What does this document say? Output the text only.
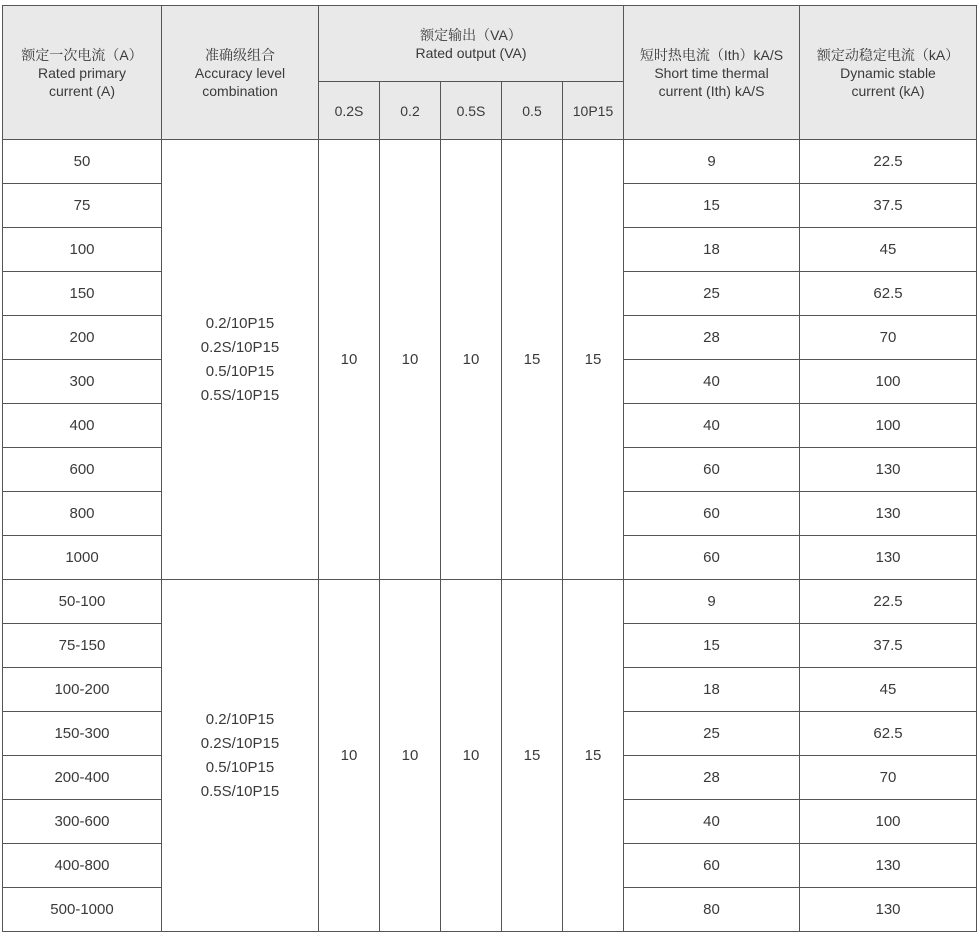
额定一次电流（A）
Rated primary
current (A)	准确级组合
Accuracy level
combination	额定输出（VA）
Rated output (VA)					短时热电流（Ith）kA/S
Short time thermal
current (Ith) kA/S	额定动稳定电流（kA）
Dynamic stable
current (kA)

		0.2S	0.2	0.5S	0.5	10P15		
50	0.2/10P15
0.2S/10P15
0.5/10P15
0.5S/10P15	10	10	10	15	15	9	22.5
75							15	37.5
100							18	45
150							25	62.5
200							28	70
300							40	100
400							40	100
600							60	130
800							60	130
1000							60	130
50-100	0.2/10P15
0.2S/10P15
0.5/10P15
0.5S/10P15	10	10	10	15	15	9	22.5
75-150							15	37.5
100-200							18	45
150-300							25	62.5
200-400							28	70
300-600							40	100
400-800							60	130
500-1000							80	130
